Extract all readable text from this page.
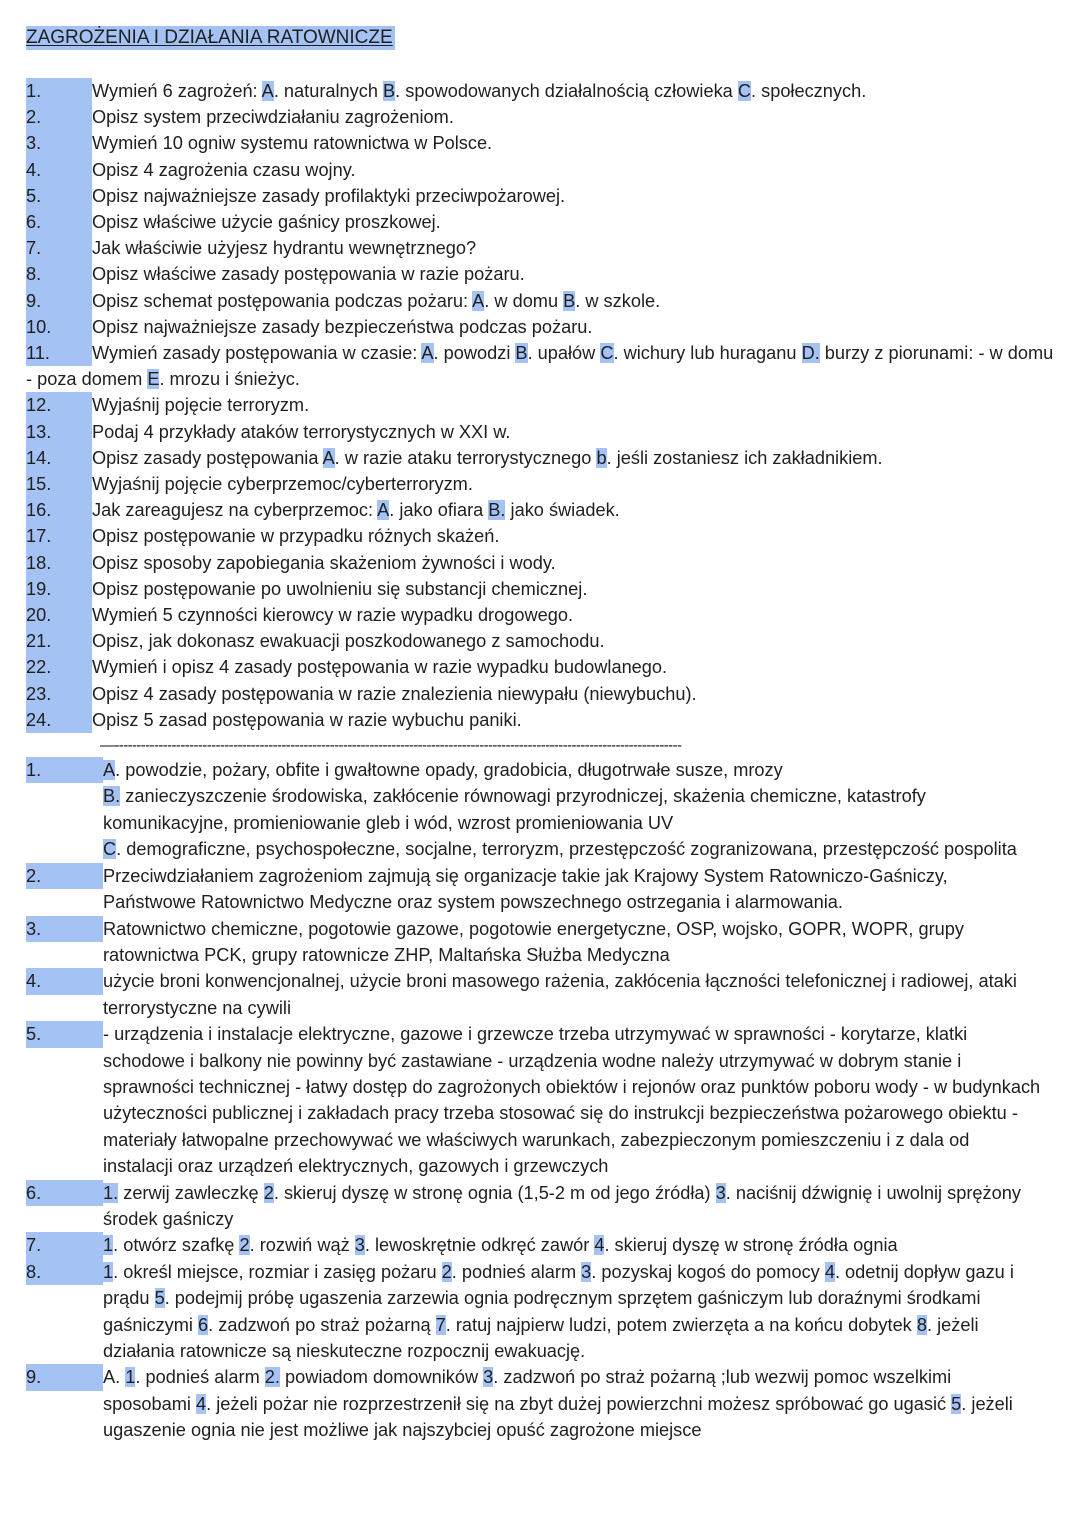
ZAGROŻENIA I DZIAŁANIA RATOWNICZE
1.	Wymień 6 zagrożeń: A. naturalnych B. spowodowanych działalnością człowieka C. społecznych.
2.	Opisz system przeciwdziałaniu zagrożeniom.
3.	Wymień 10 ogniw systemu ratownictwa w Polsce.
4.	Opisz 4 zagrożenia czasu wojny.
5.	Opisz najważniejsze zasady profilaktyki przeciwpożarowej.
6.	Opisz właściwe użycie gaśnicy proszkowej.
7.	Jak właściwie użyjesz hydrantu wewnętrznego?
8.	Opisz właściwe zasady postępowania w razie pożaru.
9.	Opisz schemat postępowania podczas pożaru: A. w domu B. w szkole.
10. Opisz najważniejsze zasady bezpieczeństwa podczas pożaru.
11. Wymień zasady postępowania w czasie: A. powodzi B. upałów C. wichury lub huraganu D. burzy z piorunami: - w domu - poza domem E. mrozu i śnieżyc.
12. Wyjaśnij pojęcie terroryzm.
13. Podaj 4 przykłady ataków terrorystycznych w XXI w.
14. Opisz zasady postępowania A. w razie ataku terrorystycznego b. jeśli zostaniesz ich zakładnikiem.
15. Wyjaśnij pojęcie cyberprzemoc/cyberterroryzm.
16. Jak zareagujesz na cyberprzemoc: A. jako ofiara B. jako świadek.
17. Opisz postępowanie w przypadku różnych skażeń.
18. Opisz sposoby zapobiegania skażeniom żywności i wody.
19. Opisz postępowanie po uwolnieniu się substancji chemicznej.
20. Wymień 5 czynności kierowcy w razie wypadku drogowego.
21. Opisz, jak dokonasz ewakuacji poszkodowanego z samochodu.
22. Wymień i opisz 4 zasady postępowania w razie wypadku budowlanego.
23. Opisz 4 zasady postępowania w razie znalezienia niewypału (niewybuchu).
24. Opisz 5 zasad postępowania w razie wybuchu paniki.
—---------------------------------------------------------------------------------------------------------------------------------
1.	A. powodzie, pożary, obfite i gwałtowne opady, gradobicia, długotrwałe susze, mrozy
B. zanieczyszczenie środowiska, zakłócenie równowagi przyrodniczej, skażenia chemiczne, katastrofy komunikacyjne, promieniowanie gleb i wód, wzrost promieniowania UV
C. demograficzne, psychospołeczne, socjalne, terroryzm, przestępczość zogranizowana, przestępczość pospolita
2.	Przeciwdziałaniem zagrożeniom zajmują się organizacje takie jak Krajowy System Ratowniczo-Gaśniczy, Państwowe Ratownictwo Medyczne oraz system powszechnego ostrzegania i alarmowania.
3.	Ratownictwo chemiczne, pogotowie gazowe, pogotowie energetyczne, OSP, wojsko, GOPR, WOPR, grupy ratownictwa PCK, grupy ratownicze ZHP, Maltańska Służba Medyczna
4.	użycie broni konwencjonalnej, użycie broni masowego rażenia, zakłócenia łączności telefonicznej i radiowej, ataki terrorystyczne na cywili
5.	- urządzenia i instalacje elektryczne, gazowe i grzewcze trzeba utrzymywać w sprawności - korytarze, klatki schodowe i balkony nie powinny być zastawiane - urządzenia wodne należy utrzymywać w dobrym stanie i sprawności technicznej - łatwy dostęp do zagrożonych obiektów i rejonów oraz punktów poboru wody - w budynkach użyteczności publicznej i zakładach pracy trzeba stosować się do instrukcji bezpieczeństwa pożarowego obiektu - materiały łatwopalne przechowywać we właściwych warunkach, zabezpieczonym pomieszczeniu i z dala od instalacji oraz urządzeń elektrycznych, gazowych i grzewczych
6.	1. zerwij zawleczkę 2. skieruj dyszę w stronę ognia (1,5-2 m od jego źródła) 3. naciśnij dźwignię i uwolnij sprężony środek gaśniczy
7.	1. otwórz szafkę 2. rozwiń wąż 3. lewoskrętnie odkręć zawór 4. skieruj dyszę w stronę źródła ognia
8.	1. określ miejsce, rozmiar i zasięg pożaru 2. podnieś alarm 3. pozyskaj kogoś do pomocy 4. odetnij dopływ gazu i prądu 5. podejmij próbę ugaszenia zarzewia ognia podręcznym sprzętem gaśniczym lub doraźnymi środkami gaśniczymi 6. zadzwoń po straż pożarną 7. ratuj najpierw ludzi, potem zwierzęta a na końcu dobytek 8. jeżeli działania ratownicze są nieskuteczne rozpocznij ewakuację.
9.	A. 1. podnieś alarm 2. powiadom domowników 3. zadzwoń po straż pożarną ;lub wezwij pomoc wszelkimi sposobami 4. jeżeli pożar nie rozprzestrzenił się na zbyt dużej powierzchni możesz spróbować go ugasić 5. jeżeli ugaszenie ognia nie jest możliwe jak najszybciej opuść zagrożone miejsce
